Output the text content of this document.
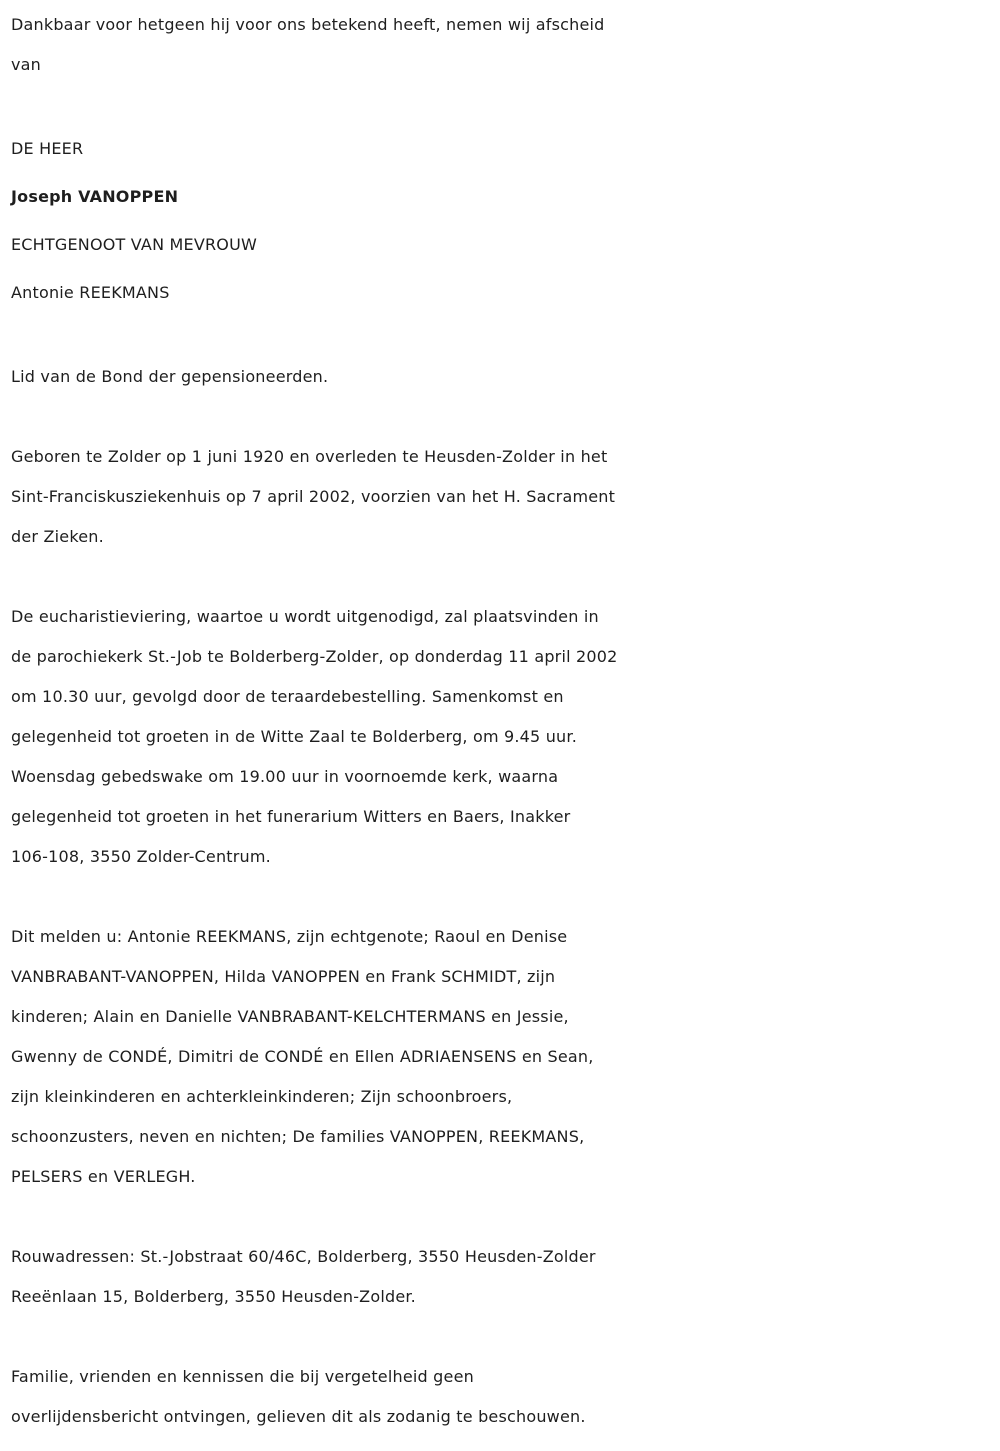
Dankbaar voor hetgeen hij voor ons betekend heeft, nemen wij afscheid
van
DE HEER
Joseph VANOPPEN
ECHTGENOOT VAN MEVROUW
Antonie REEKMANS
Lid van de Bond der gepensioneerden.
Geboren te Zolder op 1 juni 1920 en overleden te Heusden-Zolder in het
Sint-Franciskusziekenhuis op 7 april 2002, voorzien van het H. Sacrament
der Zieken.
De eucharistieviering, waartoe u wordt uitgenodigd, zal plaatsvinden in
de parochiekerk St.-Job te Bolderberg-Zolder, op donderdag 11 april 2002
om 10.30 uur, gevolgd door de teraardebestelling. Samenkomst en
gelegenheid tot groeten in de Witte Zaal te Bolderberg, om 9.45 uur.
Woensdag gebedswake om 19.00 uur in voornoemde kerk, waarna
gelegenheid tot groeten in het funerarium Witters en Baers, Inakker
106-108, 3550 Zolder-Centrum.
Dit melden u: Antonie REEKMANS, zijn echtgenote; Raoul en Denise
VANBRABANT-VANOPPEN, Hilda VANOPPEN en Frank SCHMIDT, zijn
kinderen; Alain en Danielle VANBRABANT-KELCHTERMANS en Jessie,
Gwenny de CONDÉ, Dimitri de CONDÉ en Ellen ADRIAENSENS en Sean,
zijn kleinkinderen en achterkleinkinderen; Zijn schoonbroers,
schoonzusters, neven en nichten; De families VANOPPEN, REEKMANS,
PELSERS en VERLEGH.
Rouwadressen: St.-Jobstraat 60/46C, Bolderberg, 3550 Heusden-Zolder
Reeënlaan 15, Bolderberg, 3550 Heusden-Zolder.
Familie, vrienden en kennissen die bij vergetelheid geen
overlijdensbericht ontvingen, gelieven dit als zodanig te beschouwen.
